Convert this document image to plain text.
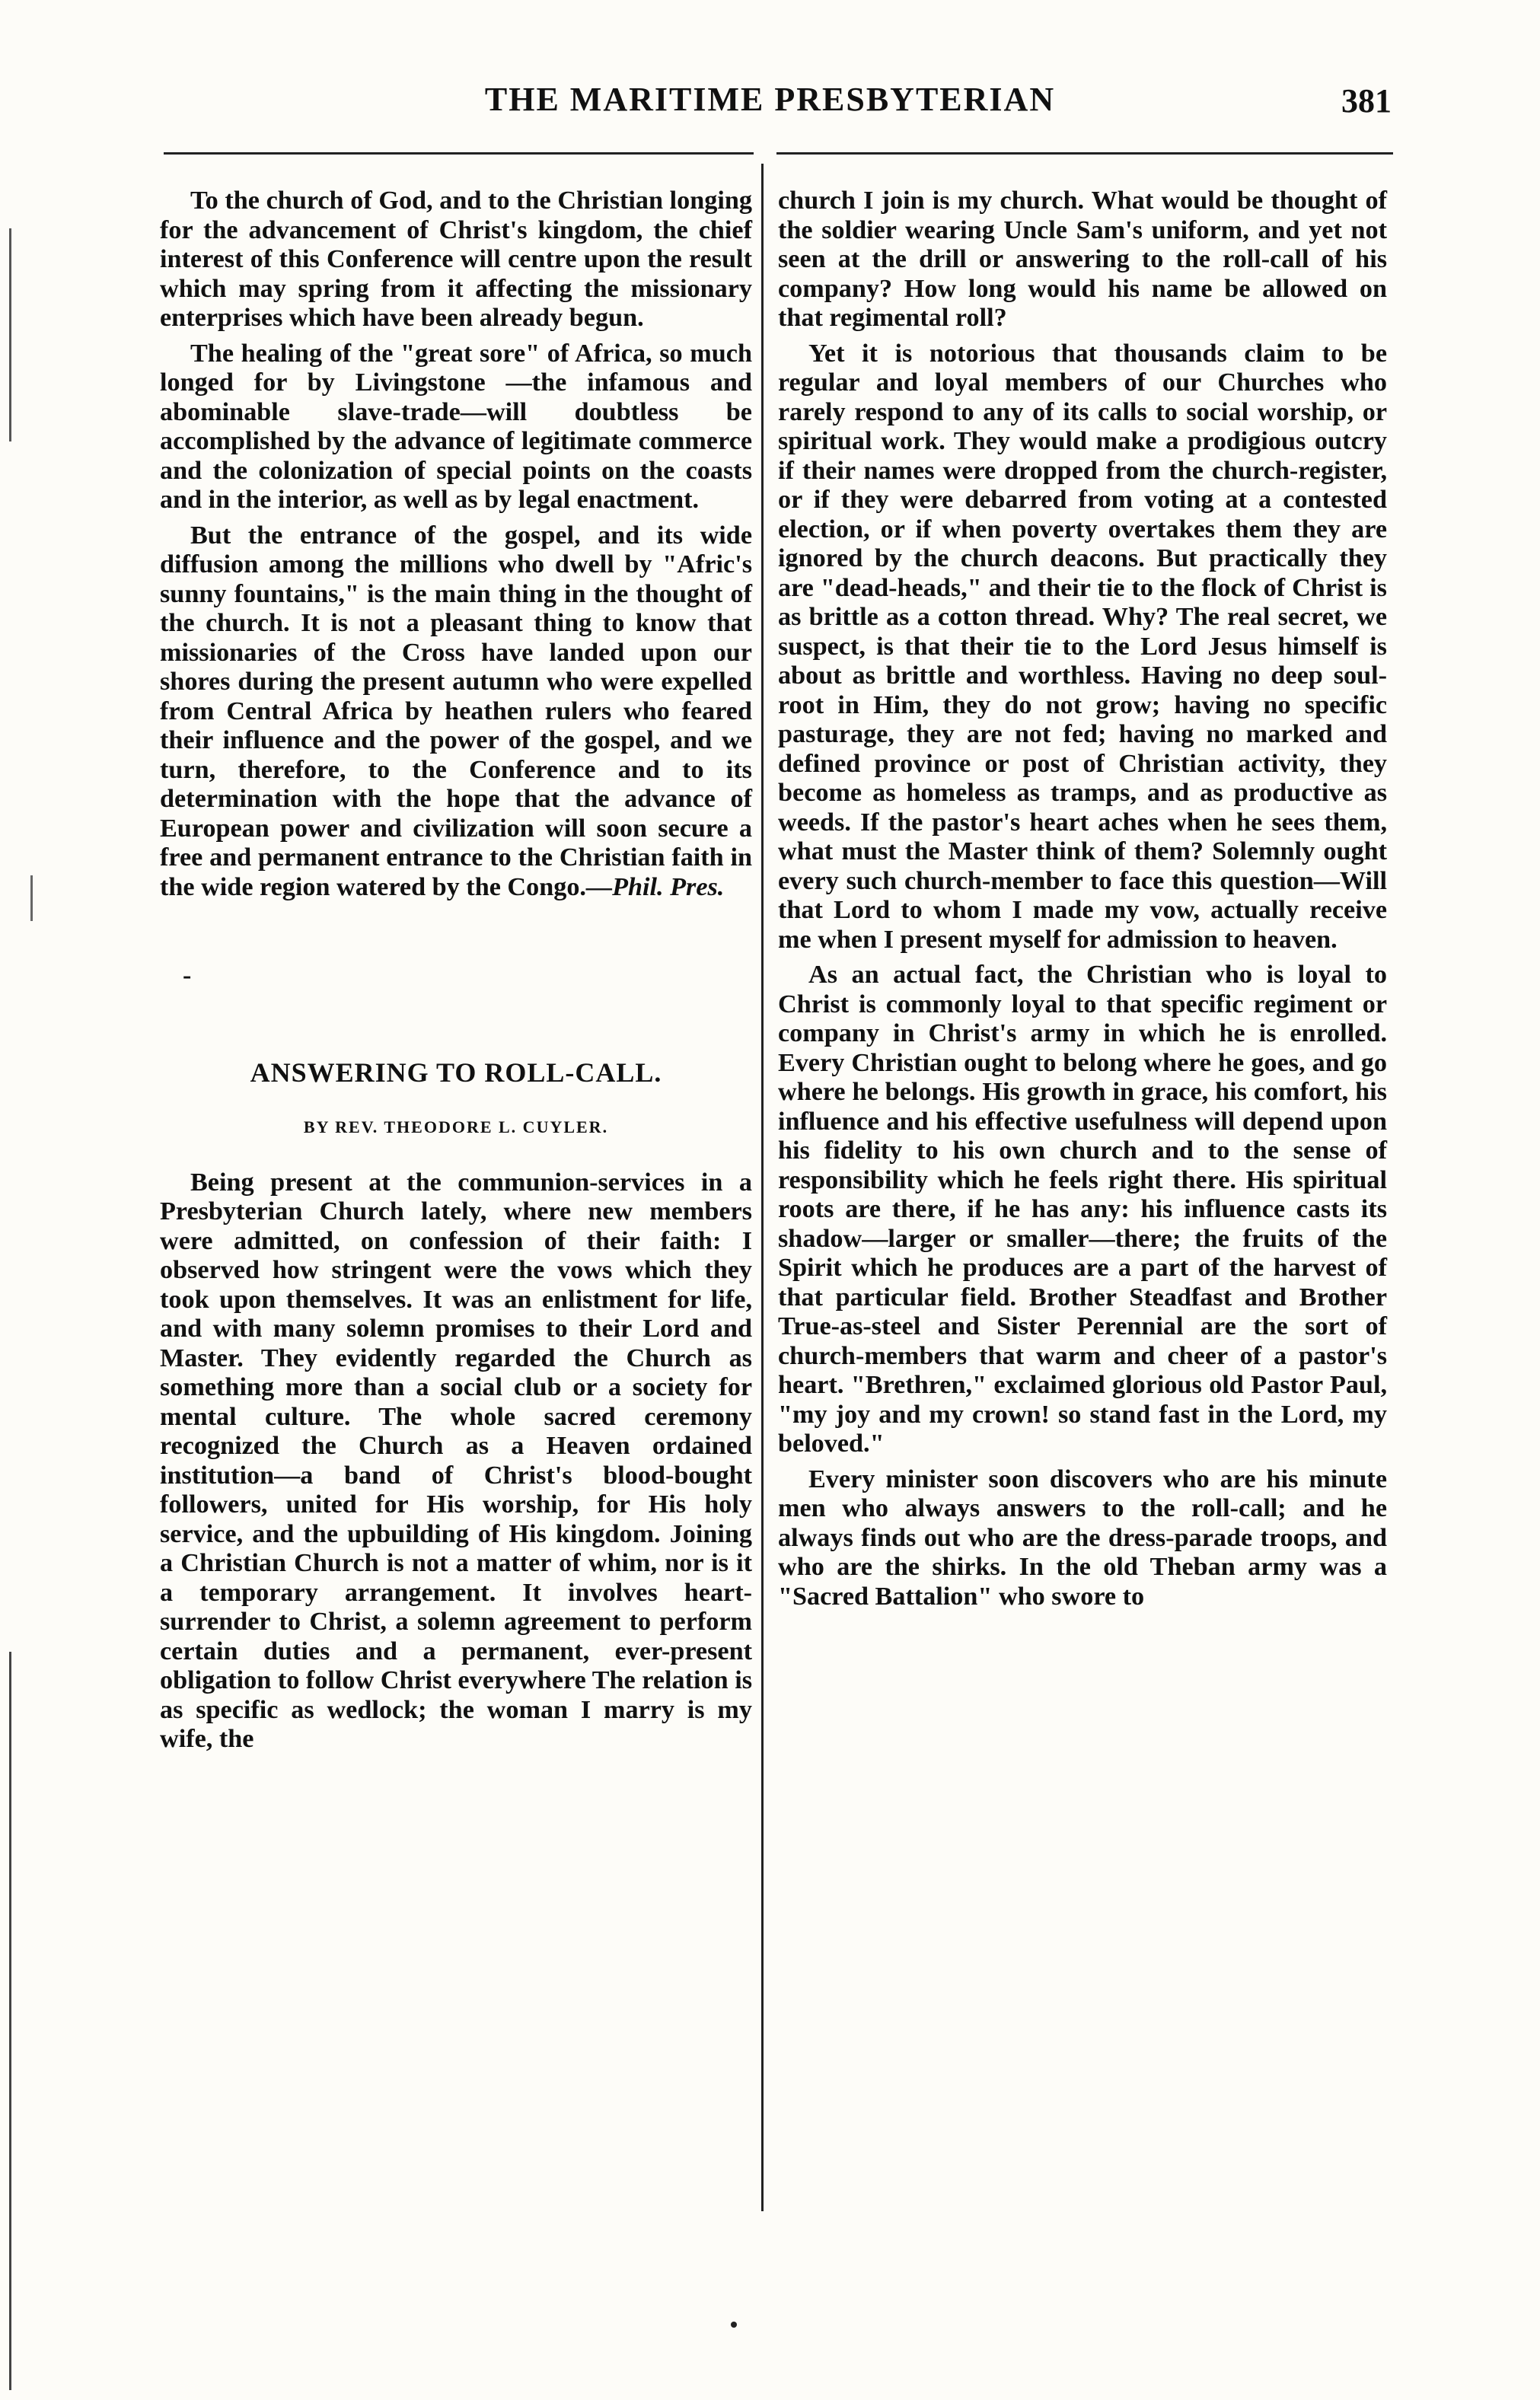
THE MARITIME PRESBYTERIAN	381

To the church of God, and to the Christian longing for the advancement of Christ's kingdom, the chief interest of this Conference will centre upon the result which may spring from it affecting the missionary enterprises which have been already begun.

The healing of the "great sore" of Africa, so much longed for by Livingstone —the infamous and abominable slave-trade—will doubtless be accomplished by the advance of legitimate commerce and the colonization of special points on the coasts and in the interior, as well as by legal enactment.

But the entrance of the gospel, and its wide diffusion among the millions who dwell by "Afric's sunny fountains," is the main thing in the thought of the church. It is not a pleasant thing to know that missionaries of the Cross have landed upon our shores during the present autumn who were expelled from Central Africa by heathen rulers who feared their influence and the power of the gospel, and we turn, therefore, to the Conference and to its determination with the hope that the advance of European power and civilization will soon secure a free and permanent entrance to the Christian faith in the wide region watered by the Congo.—Phil. Pres.

-
ANSWERING TO ROLL-CALL.
BY REV. THEODORE L. CUYLER.

Being present at the communion-services in a Presbyterian Church lately, where new members were admitted, on confession of their faith: I observed how stringent were the vows which they took upon themselves. It was an enlistment for life, and with many solemn promises to their Lord and Master. They evidently regarded the Church as something more than a social club or a society for mental culture. The whole sacred ceremony recognized the Church as a Heaven ordained institution—a band of Christ's blood-bought followers, united for His worship, for His holy service, and the upbuilding of His kingdom. Joining a Christian Church is not a matter of whim, nor is it a temporary arrangement. It involves heart-surrender to Christ, a solemn agreement to perform certain duties and a permanent, ever-present obligation to follow Christ everywhere The relation is as specific as wedlock; the woman I marry is my wife, the

church I join is my church. What would be thought of the soldier wearing Uncle Sam's uniform, and yet not seen at the drill or answering to the roll-call of his company? How long would his name be allowed on that regimental roll?

Yet it is notorious that thousands claim to be regular and loyal members of our Churches who rarely respond to any of its calls to social worship, or spiritual work. They would make a prodigious outcry if their names were dropped from the church-register, or if they were debarred from voting at a contested election, or if when poverty overtakes them they are ignored by the church deacons. But practically they are "dead-heads," and their tie to the flock of Christ is as brittle as a cotton thread. Why? The real secret, we suspect, is that their tie to the Lord Jesus himself is about as brittle and worthless. Having no deep soul-root in Him, they do not grow; having no specific pasturage, they are not fed; having no marked and defined province or post of Christian activity, they become as homeless as tramps, and as productive as weeds. If the pastor's heart aches when he sees them, what must the Master think of them? Solemnly ought every such church-member to face this question—Will that Lord to whom I made my vow, actually receive me when I present myself for admission to heaven.

As an actual fact, the Christian who is loyal to Christ is commonly loyal to that specific regiment or company in Christ's army in which he is enrolled. Every Christian ought to belong where he goes, and go where he belongs. His growth in grace, his comfort, his influence and his effective usefulness will depend upon his fidelity to his own church and to the sense of responsibility which he feels right there. His spiritual roots are there, if he has any: his influence casts its shadow—larger or smaller—there; the fruits of the Spirit which he produces are a part of the harvest of that particular field. Brother Steadfast and Brother True-as-steel and Sister Perennial are the sort of church-members that warm and cheer of a pastor's heart. "Brethren," exclaimed glorious old Pastor Paul, "my joy and my crown! so stand fast in the Lord, my beloved."

Every minister soon discovers who are his minute men who always answers to the roll-call; and he always finds out who are the dress-parade troops, and who are the shirks. In the old Theban army was a "Sacred Battalion" who swore to
